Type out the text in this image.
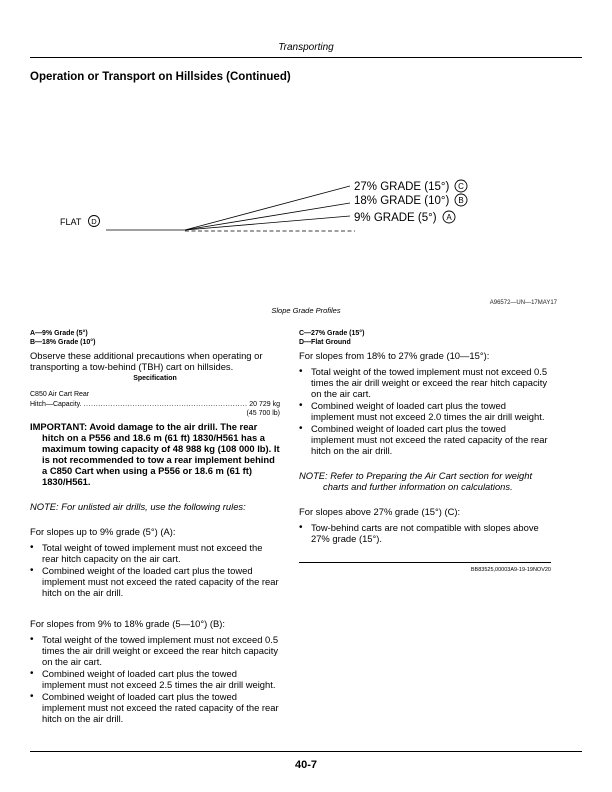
Transporting
Operation or Transport on Hillsides (Continued)
27% GRADE (15°) C
18% GRADE (10°) B
9% GRADE (5°) A
FLAT D
A96572—UN—17MAY17
Slope Grade Profiles
A—9% Grade (5°)
B—18% Grade (10°)

Observe these additional precautions when operating or transporting a tow-behind (TBH) cart on hillsides.

Specification
C850 Air Cart Rear
Hitch—Capacity. ................................................................... 20 729 kg
(45 700 lb)

IMPORTANT: Avoid damage to the air drill. The rear hitch on a P556 and 18.6 m (61 ft) 1830/H561 has a maximum towing capacity of 48 988 kg (108 000 lb). It is not recommended to tow a rear implement behind a C850 Cart when using a P556 or 18.6 m (61 ft) 1830/H561.

NOTE: For unlisted air drills, use the following rules:

For slopes up to 9% grade (5°) (A):

• Total weight of towed implement must not exceed the rear hitch capacity on the air cart.
• Combined weight of the loaded cart plus the towed implement must not exceed the rated capacity of the rear hitch on the air drill.

For slopes from 9% to 18% grade (5—10°) (B):

• Total weight of the towed implement must not exceed 0.5 times the air drill weight or exceed the rear hitch capacity on the air cart.
• Combined weight of loaded cart plus the towed implement must not exceed 2.5 times the air drill weight.
• Combined weight of loaded cart plus the towed implement must not exceed the rated capacity of the rear hitch on the air drill.
C—27% Grade (15°)
D—Flat Ground

For slopes from 18% to 27% grade (10—15°):

• Total weight of the towed implement must not exceed 0.5 times the air drill weight or exceed the rear hitch capacity on the air cart.
• Combined weight of loaded cart plus the towed implement must not exceed 2.0 times the air drill weight.
• Combined weight of loaded cart plus the towed implement must not exceed the rated capacity of the rear hitch on the air drill.

NOTE: Refer to Preparing the Air Cart section for weight charts and further information on calculations.

For slopes above 27% grade (15°) (C):

• Tow-behind carts are not compatible with slopes above 27% grade (15°).
BB83525,00003A9-19-19NOV20
40-7
